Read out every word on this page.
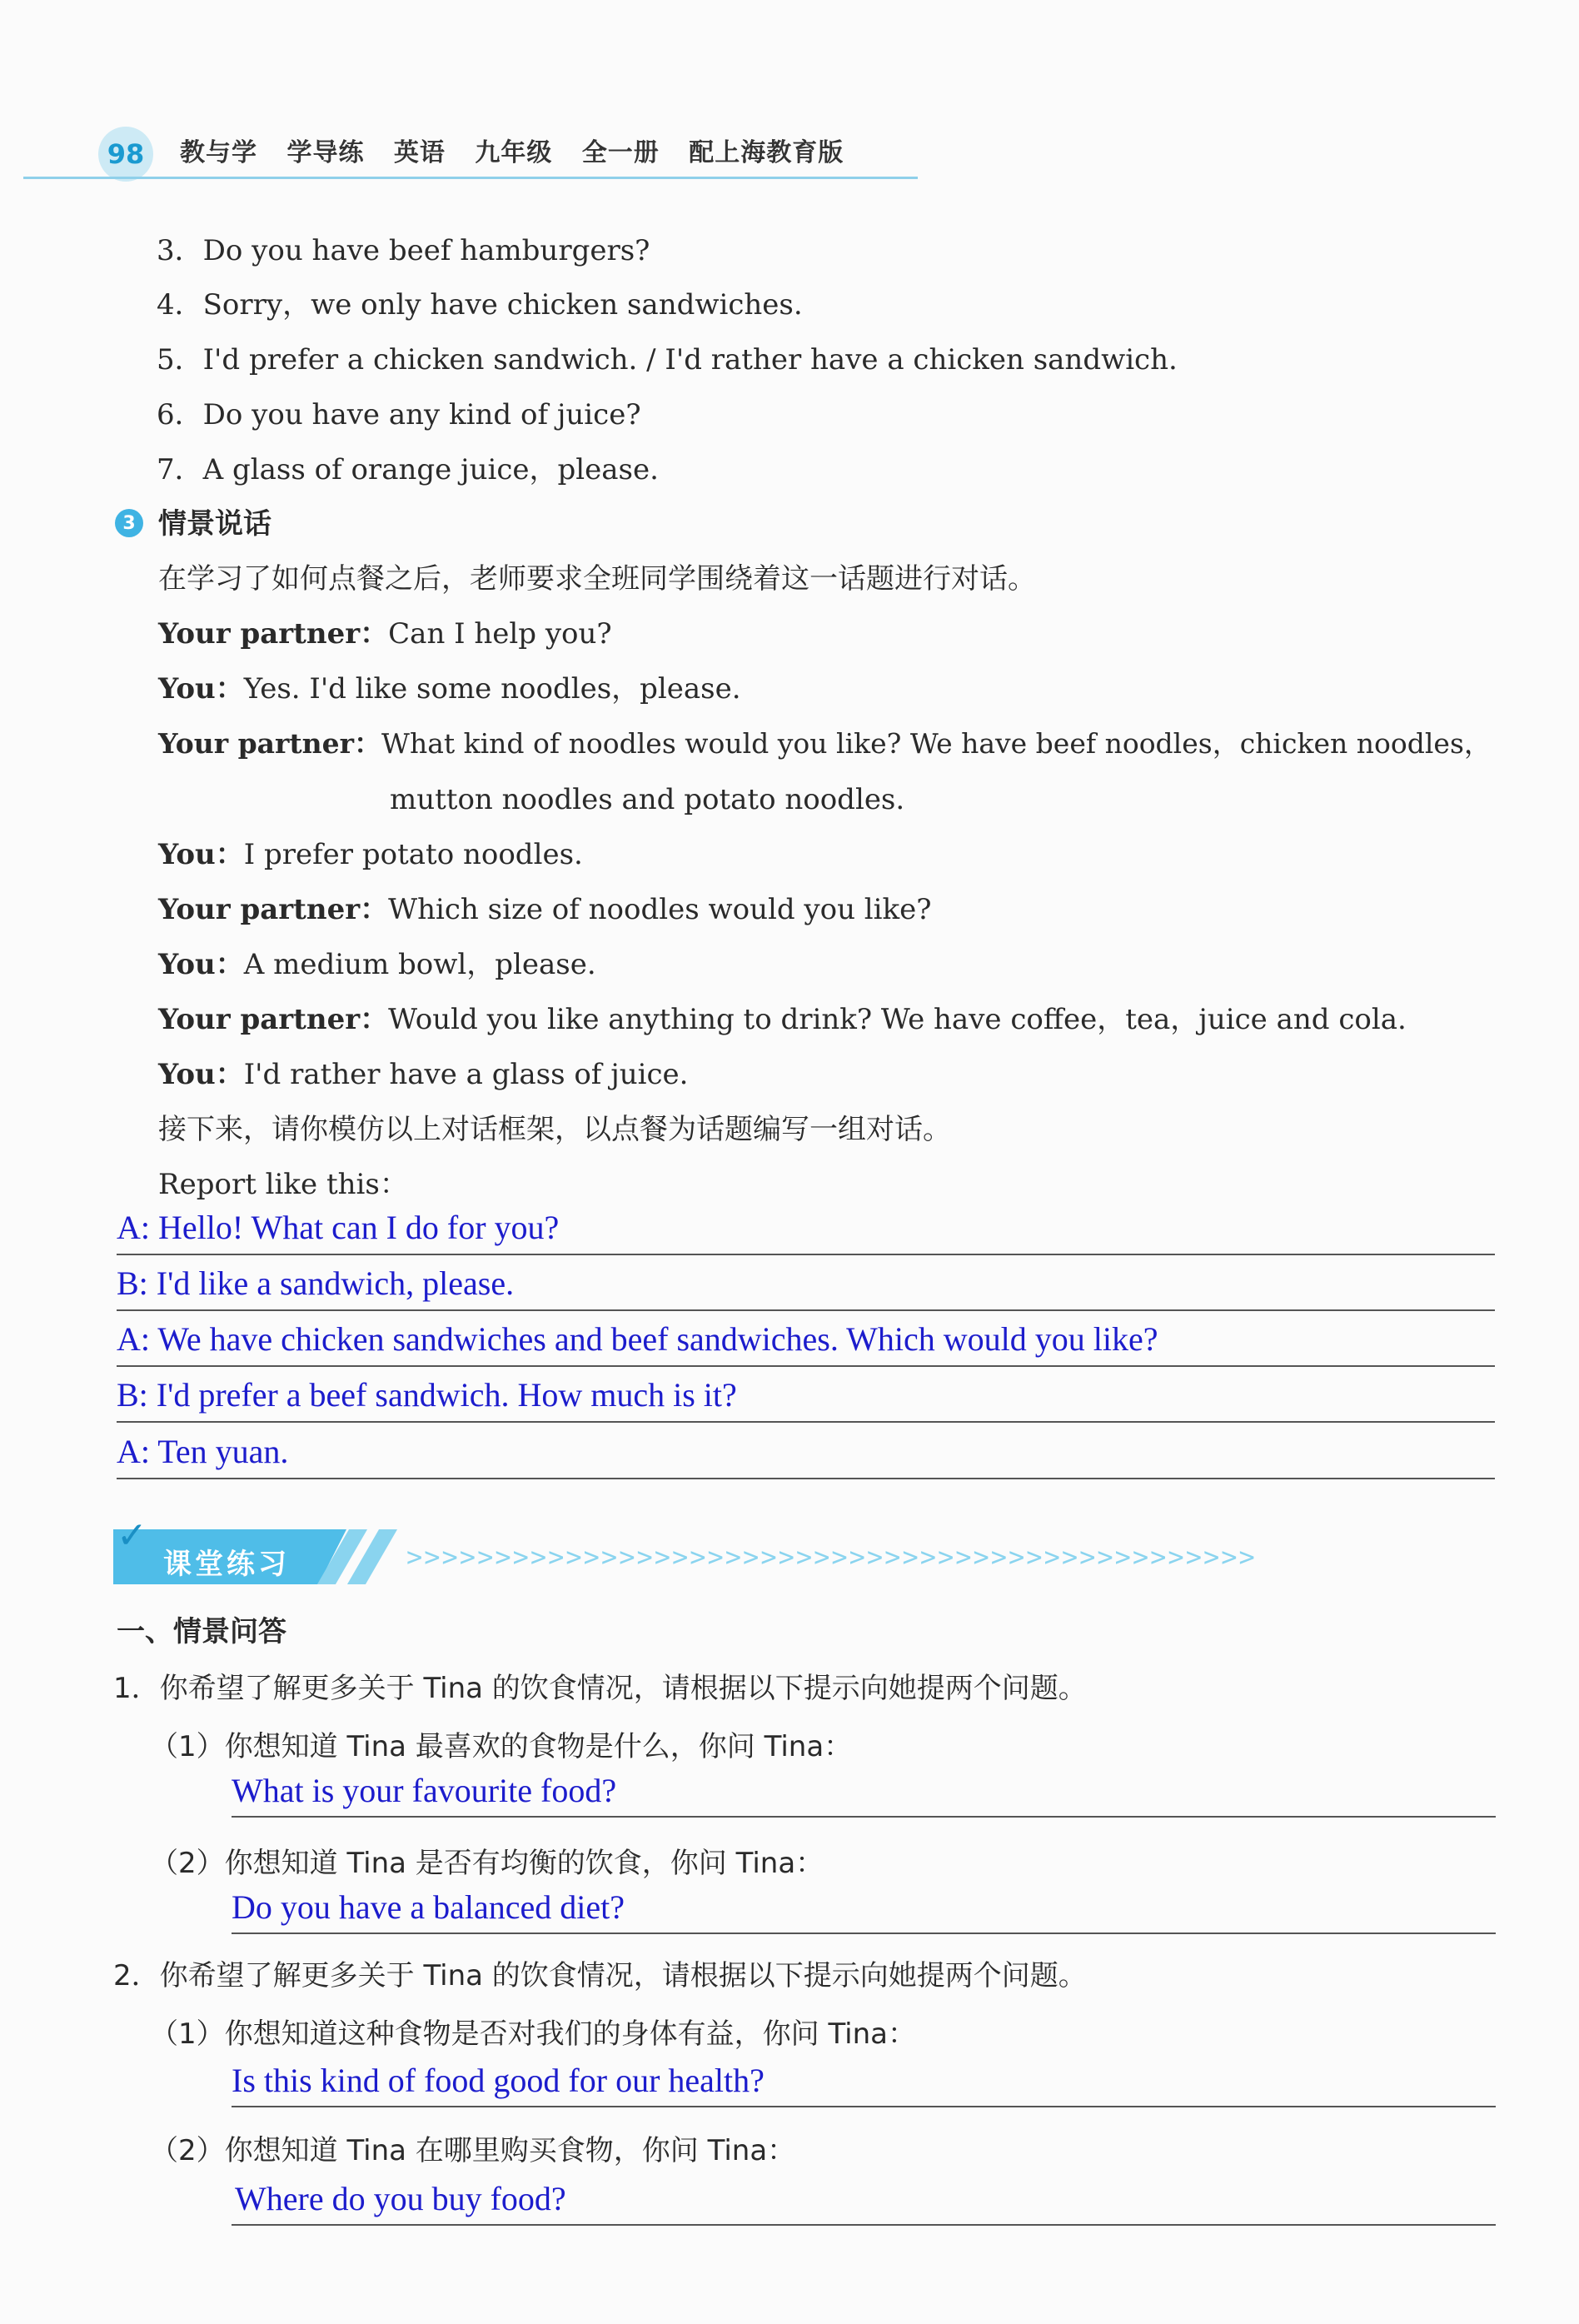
98 教与学 学导练 英语 九年级 全一册 配上海教育版
3．Do you have beef hamburgers?
4．Sorry，we only have chicken sandwiches.
5．I'd prefer a chicken sandwich. / I'd rather have a chicken sandwich.
6．Do you have any kind of juice?
7．A glass of orange juice，please.
3 情景说话
在学习了如何点餐之后，老师要求全班同学围绕着这一话题进行对话。
Your partner：Can I help you?
You：Yes. I'd like some noodles，please.
Your partner：What kind of noodles would you like? We have beef noodles，chicken noodles，
mutton noodles and potato noodles.
You：I prefer potato noodles.
Your partner：Which size of noodles would you like?
You：A medium bowl，please.
Your partner：Would you like anything to drink? We have coffee，tea，juice and cola.
You：I'd rather have a glass of juice.
接下来，请你模仿以上对话框架，以点餐为话题编写一组对话。
Report like this：
A: Hello! What can I do for you?
B: I'd like a sandwich, please.
A: We have chicken sandwiches and beef sandwiches. Which would you like?
B: I'd prefer a beef sandwich. How much is it?
A: Ten yuan.
✓
课堂练习	>>>>>>>>>>>>>>>>>>>>>>>>>>>>>>>>>>>>>>>>>>>>>>>>
一、情景问答
1．你希望了解更多关于 Tina 的饮食情况，请根据以下提示向她提两个问题。
（1）你想知道 Tina 最喜欢的食物是什么，你问 Tina：
What is your favourite food?
（2）你想知道 Tina 是否有均衡的饮食，你问 Tina：
Do you have a balanced diet?
2．你希望了解更多关于 Tina 的饮食情况，请根据以下提示向她提两个问题。
（1）你想知道这种食物是否对我们的身体有益，你问 Tina：
Is this kind of food good for our health?
（2）你想知道 Tina 在哪里购买食物，你问 Tina：
Where do you buy food?
